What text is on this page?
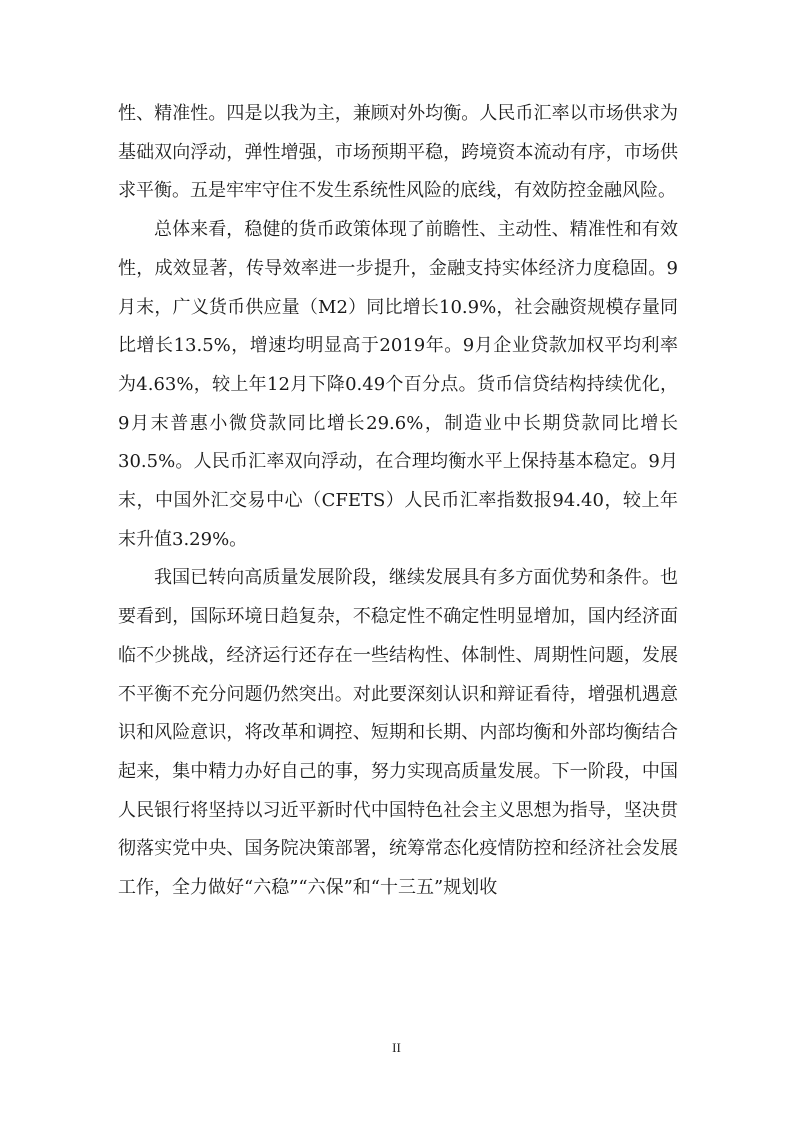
性、精准性。四是以我为主，兼顾对外均衡。人民币汇率以市场供求为基础双向浮动，弹性增强，市场预期平稳，跨境资本流动有序，市场供求平衡。五是牢牢守住不发生系统性风险的底线，有效防控金融风险。

总体来看，稳健的货币政策体现了前瞻性、主动性、精准性和有效性，成效显著，传导效率进一步提升，金融支持实体经济力度稳固。9月末，广义货币供应量（M2）同比增长10.9%，社会融资规模存量同比增长13.5%，增速均明显高于2019年。9月企业贷款加权平均利率为4.63%，较上年12月下降0.49个百分点。货币信贷结构持续优化，9月末普惠小微贷款同比增长29.6%，制造业中长期贷款同比增长30.5%。人民币汇率双向浮动，在合理均衡水平上保持基本稳定。9月末，中国外汇交易中心（CFETS）人民币汇率指数报94.40，较上年末升值3.29%。

我国已转向高质量发展阶段，继续发展具有多方面优势和条件。也要看到，国际环境日趋复杂，不稳定性不确定性明显增加，国内经济面临不少挑战，经济运行还存在一些结构性、体制性、周期性问题，发展不平衡不充分问题仍然突出。对此要深刻认识和辩证看待，增强机遇意识和风险意识，将改革和调控、短期和长期、内部均衡和外部均衡结合起来，集中精力办好自己的事，努力实现高质量发展。下一阶段，中国人民银行将坚持以习近平新时代中国特色社会主义思想为指导，坚决贯彻落实党中央、国务院决策部署，统筹常态化疫情防控和经济社会发展工作，全力做好“六稳”“六保”和“十三五”规划收

II
